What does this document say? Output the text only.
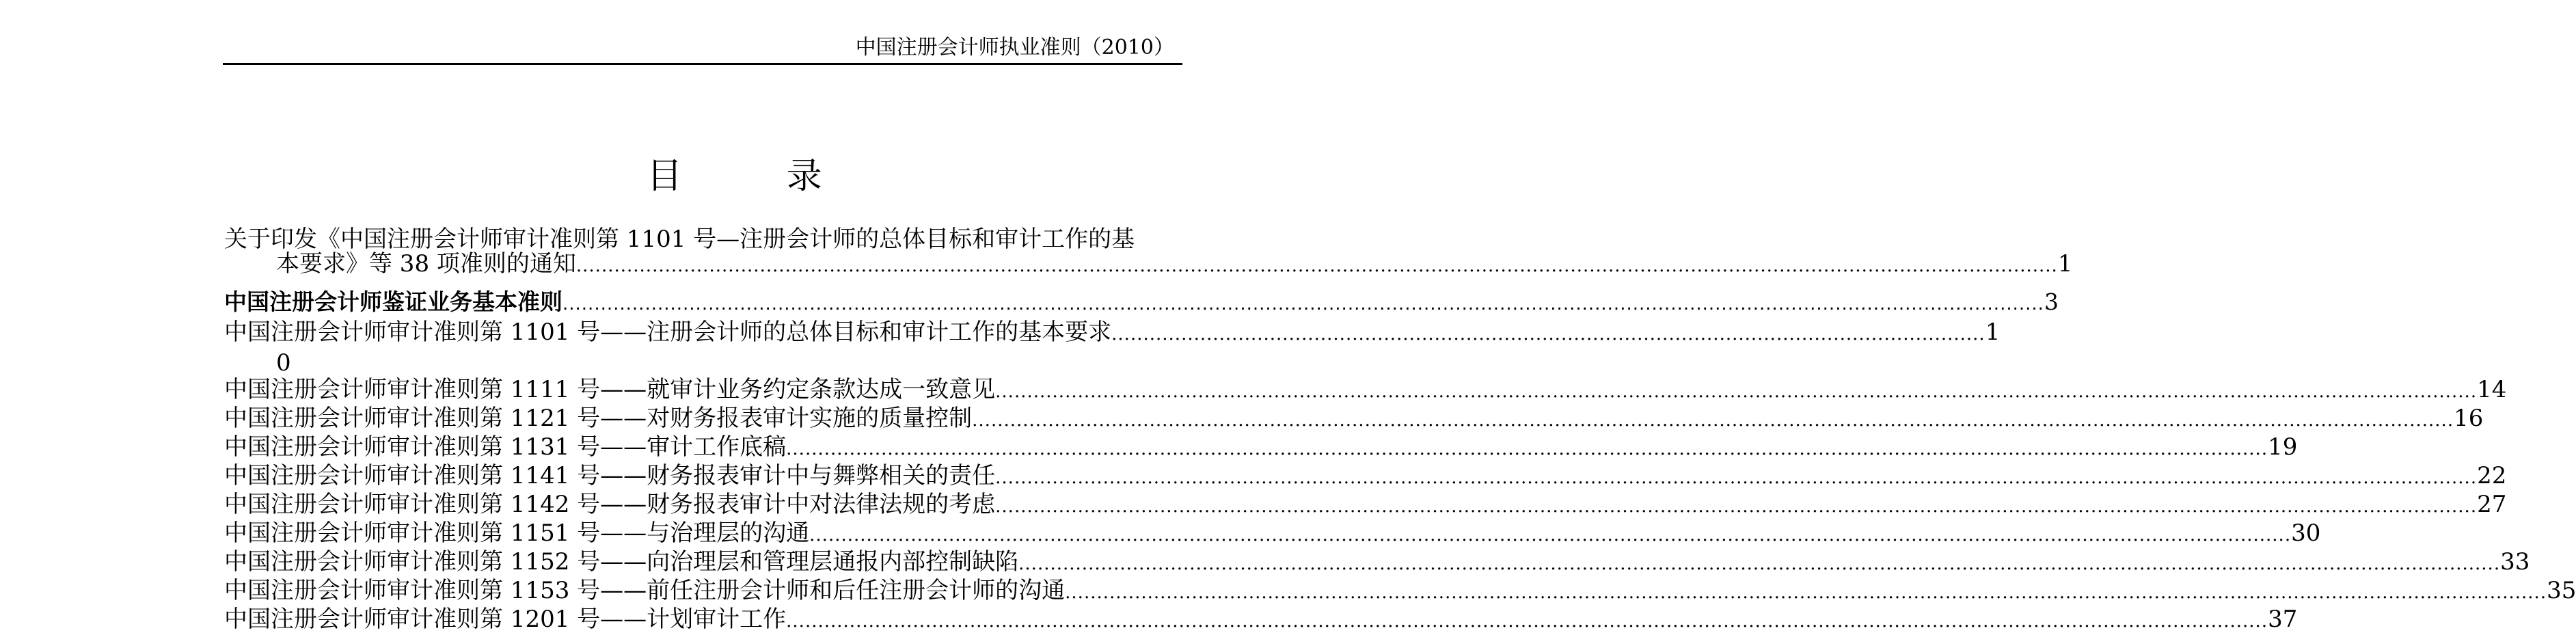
中国注册会计师执业准则（2010）
目 录
关于印发《中国注册会计师审计准则第 1101 号—注册会计师的总体目标和审计工作的基
本要求》等 38 项准则的通知 .......................................................................................................................................................................................................................................... 1
中国注册会计师鉴证业务基本准则 .......................................................................................................................................................................................................................................... 3
中国注册会计师审计准则第 1101 号—— 注册会计师的总体目标和审计工作的基本要求 .......................................................................................................................................... 1
0
中国注册会计师审计准则第 1111 号—— 就审计业务约定条款达成一致意见 .......................................................................................................................................................................................................................................... 14
中国注册会计师审计准则第 1121 号—— 对财务报表审计实施的质量控制 .......................................................................................................................................................................................................................................... 16
中国注册会计师审计准则第 1131 号—— 审计工作底稿 .......................................................................................................................................................................................................................................... 19
中国注册会计师审计准则第 1141 号—— 财务报表审计中与舞弊相关的责任 .......................................................................................................................................................................................................................................... 22
中国注册会计师审计准则第 1142 号—— 财务报表审计中对法律法规的考虑 .......................................................................................................................................................................................................................................... 27
中国注册会计师审计准则第 1151 号—— 与治理层的沟通 .......................................................................................................................................................................................................................................... 30
中国注册会计师审计准则第 1152 号—— 向治理层和管理层通报内部控制缺陷 .......................................................................................................................................................................................................................................... 33
中国注册会计师审计准则第 1153 号—— 前任注册会计师和后任注册会计师的沟通 .......................................................................................................................................................................................................................................... 35
中国注册会计师审计准则第 1201 号—— 计划审计工作 .......................................................................................................................................................................................................................................... 37
